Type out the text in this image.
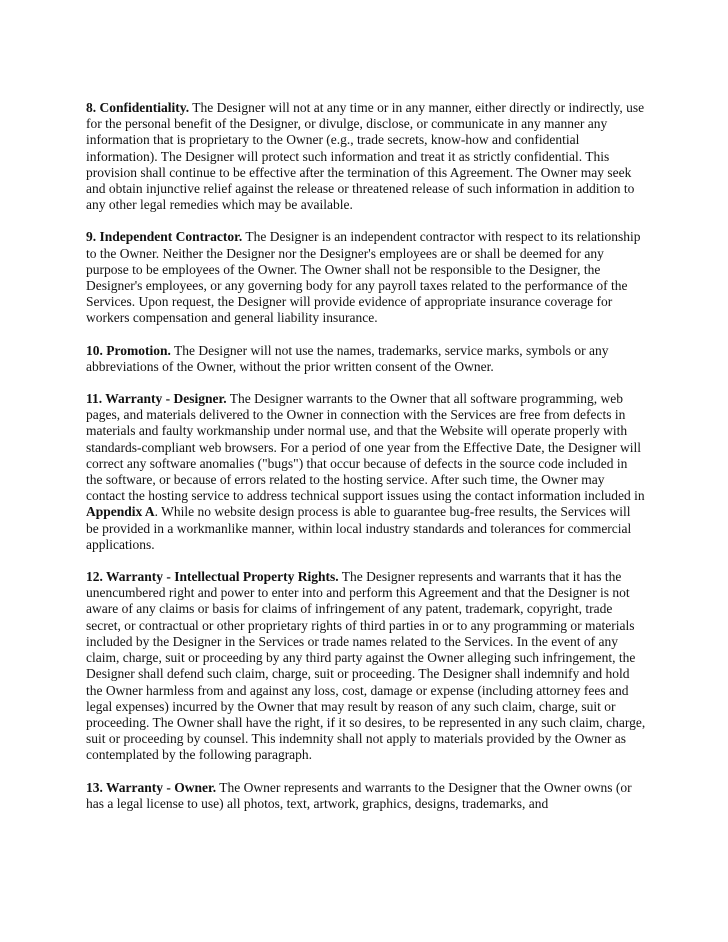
8. Confidentiality. The Designer will not at any time or in any manner, either directly or indirectly, use for the personal benefit of the Designer, or divulge, disclose, or communicate in any manner any information that is proprietary to the Owner (e.g., trade secrets, know-how and confidential information). The Designer will protect such information and treat it as strictly confidential. This provision shall continue to be effective after the termination of this Agreement. The Owner may seek and obtain injunctive relief against the release or threatened release of such information in addition to any other legal remedies which may be available.

9. Independent Contractor. The Designer is an independent contractor with respect to its relationship to the Owner. Neither the Designer nor the Designer's employees are or shall be deemed for any purpose to be employees of the Owner. The Owner shall not be responsible to the Designer, the Designer's employees, or any governing body for any payroll taxes related to the performance of the Services. Upon request, the Designer will provide evidence of appropriate insurance coverage for workers compensation and general liability insurance.

10. Promotion. The Designer will not use the names, trademarks, service marks, symbols or any abbreviations of the Owner, without the prior written consent of the Owner.

11. Warranty - Designer. The Designer warrants to the Owner that all software programming, web pages, and materials delivered to the Owner in connection with the Services are free from defects in materials and faulty workmanship under normal use, and that the Website will operate properly with standards-compliant web browsers. For a period of one year from the Effective Date, the Designer will correct any software anomalies ("bugs") that occur because of defects in the source code included in the software, or because of errors related to the hosting service. After such time, the Owner may contact the hosting service to address technical support issues using the contact information included in Appendix A. While no website design process is able to guarantee bug-free results, the Services will be provided in a workmanlike manner, within local industry standards and tolerances for commercial applications.

12. Warranty - Intellectual Property Rights. The Designer represents and warrants that it has the unencumbered right and power to enter into and perform this Agreement and that the Designer is not aware of any claims or basis for claims of infringement of any patent, trademark, copyright, trade secret, or contractual or other proprietary rights of third parties in or to any programming or materials included by the Designer in the Services or trade names related to the Services. In the event of any claim, charge, suit or proceeding by any third party against the Owner alleging such infringement, the Designer shall defend such claim, charge, suit or proceeding. The Designer shall indemnify and hold the Owner harmless from and against any loss, cost, damage or expense (including attorney fees and legal expenses) incurred by the Owner that may result by reason of any such claim, charge, suit or proceeding. The Owner shall have the right, if it so desires, to be represented in any such claim, charge, suit or proceeding by counsel. This indemnity shall not apply to materials provided by the Owner as contemplated by the following paragraph.

13. Warranty - Owner. The Owner represents and warrants to the Designer that the Owner owns (or has a legal license to use) all photos, text, artwork, graphics, designs, trademarks, and
